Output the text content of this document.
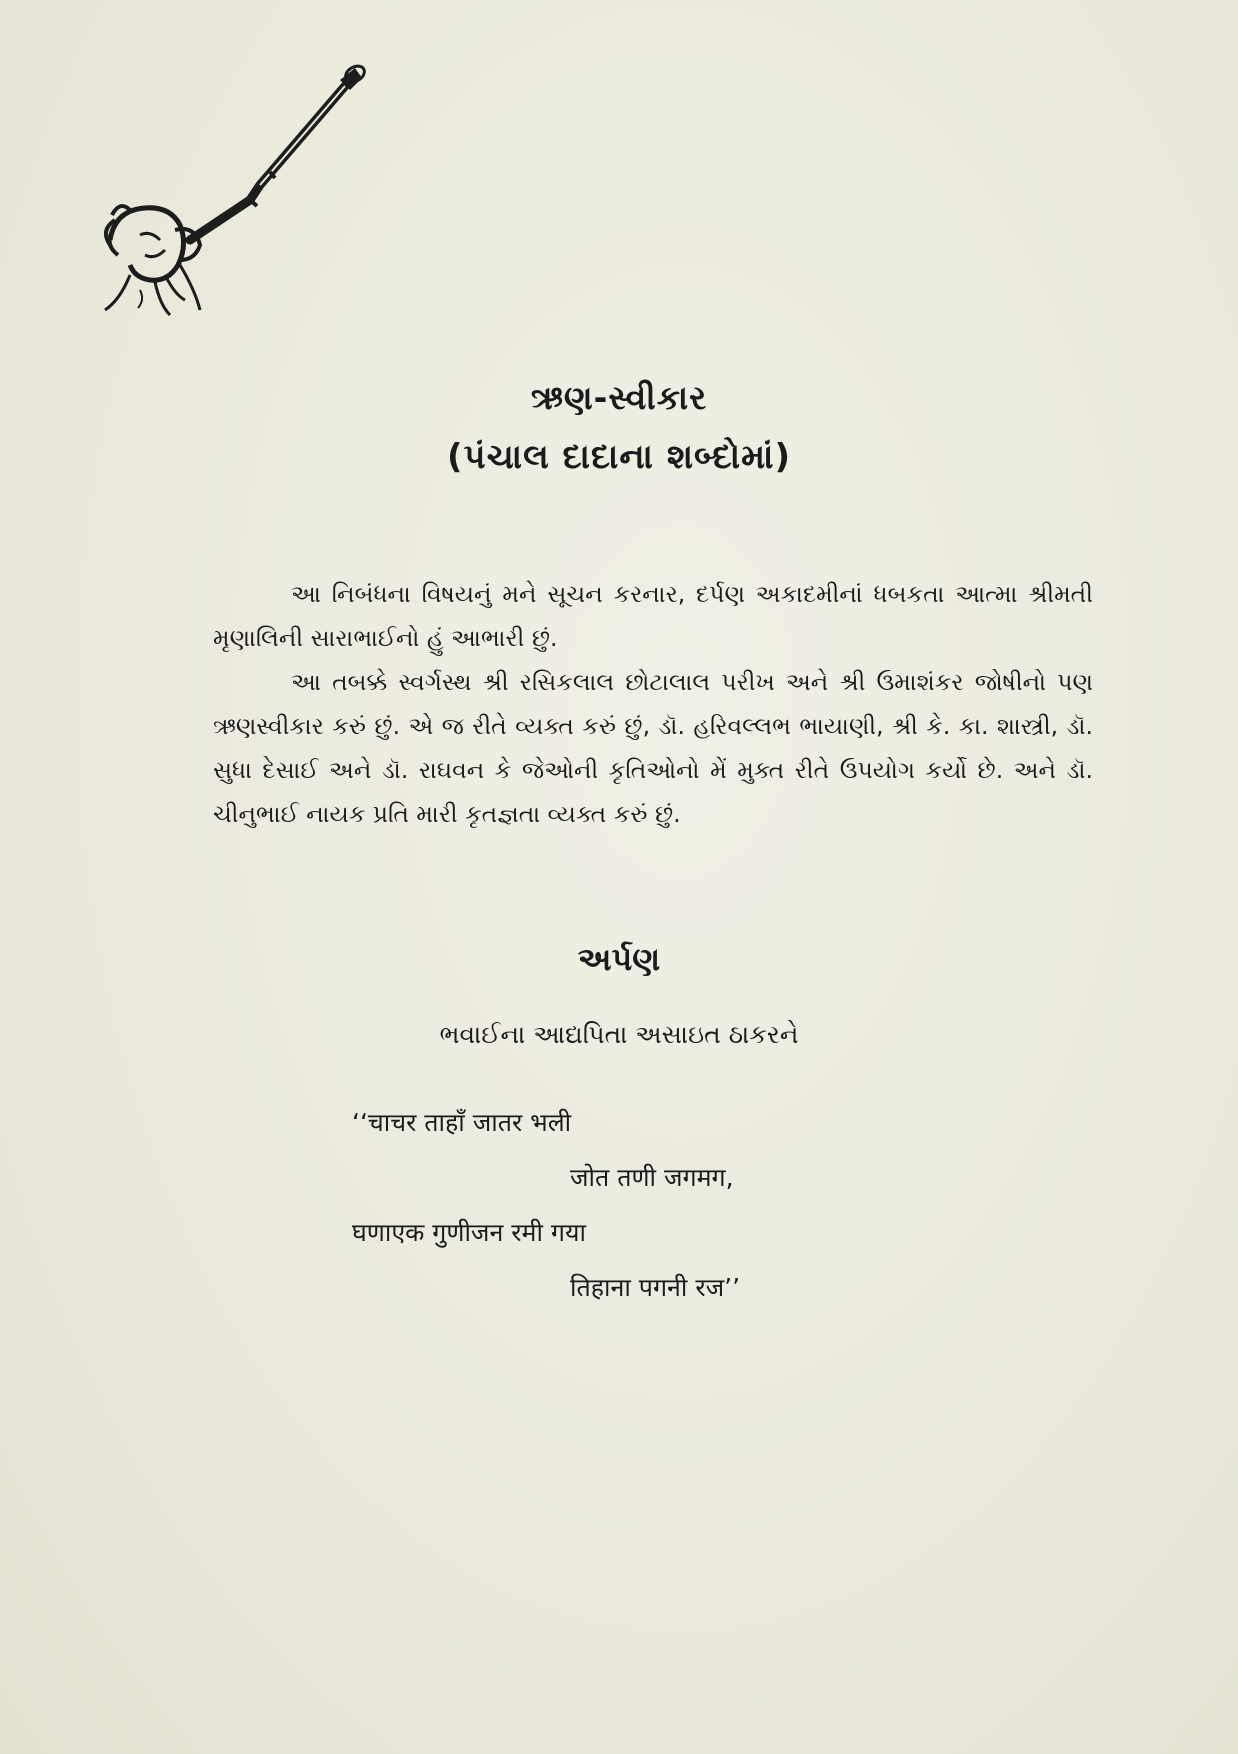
ઋણ-સ્વીકાર
(પંચાલ દાદાના શબ્દોમાં)

આ નિબંધના વિષયનું મને સૂચન કરનાર, દર્પણ અકાદમીનાં ધબકતા આત્મા શ્રીમતી મૃણાલિની સારાભાઈનો હું આભારી છું.

આ તબક્કે સ્વર્ગસ્થ શ્રી રસિકલાલ છોટાલાલ પરીખ અને શ્રી ઉમાશંકર જોષીનો પણ ઋણસ્વીકાર કરું છું. એ જ રીતે વ્યક્ત કરું છું, ડૉ. હરિવલ્લભ ભાયાણી, શ્રી કે. કા. શાસ્ત્રી, ડૉ. સુધા દેસાઈ અને ડૉ. રાઘવન કે જેઓની કૃતિઓનો મેં મુક્ત રીતે ઉપયોગ કર્યો છે. અને ડૉ. ચીનુભાઈ નાયક પ્રતિ મારી કૃતજ્ઞતા વ્યક્ત કરું છું.

અર્પણ

ભવાઈના આદ્યપિતા અસાઇત ઠાકરને

‘‘चाचर ताहाँ जातर भली

जोत तणी जगमग,

घणाएक गुणीजन रमी गया

तिहाना पगनी रज’’
